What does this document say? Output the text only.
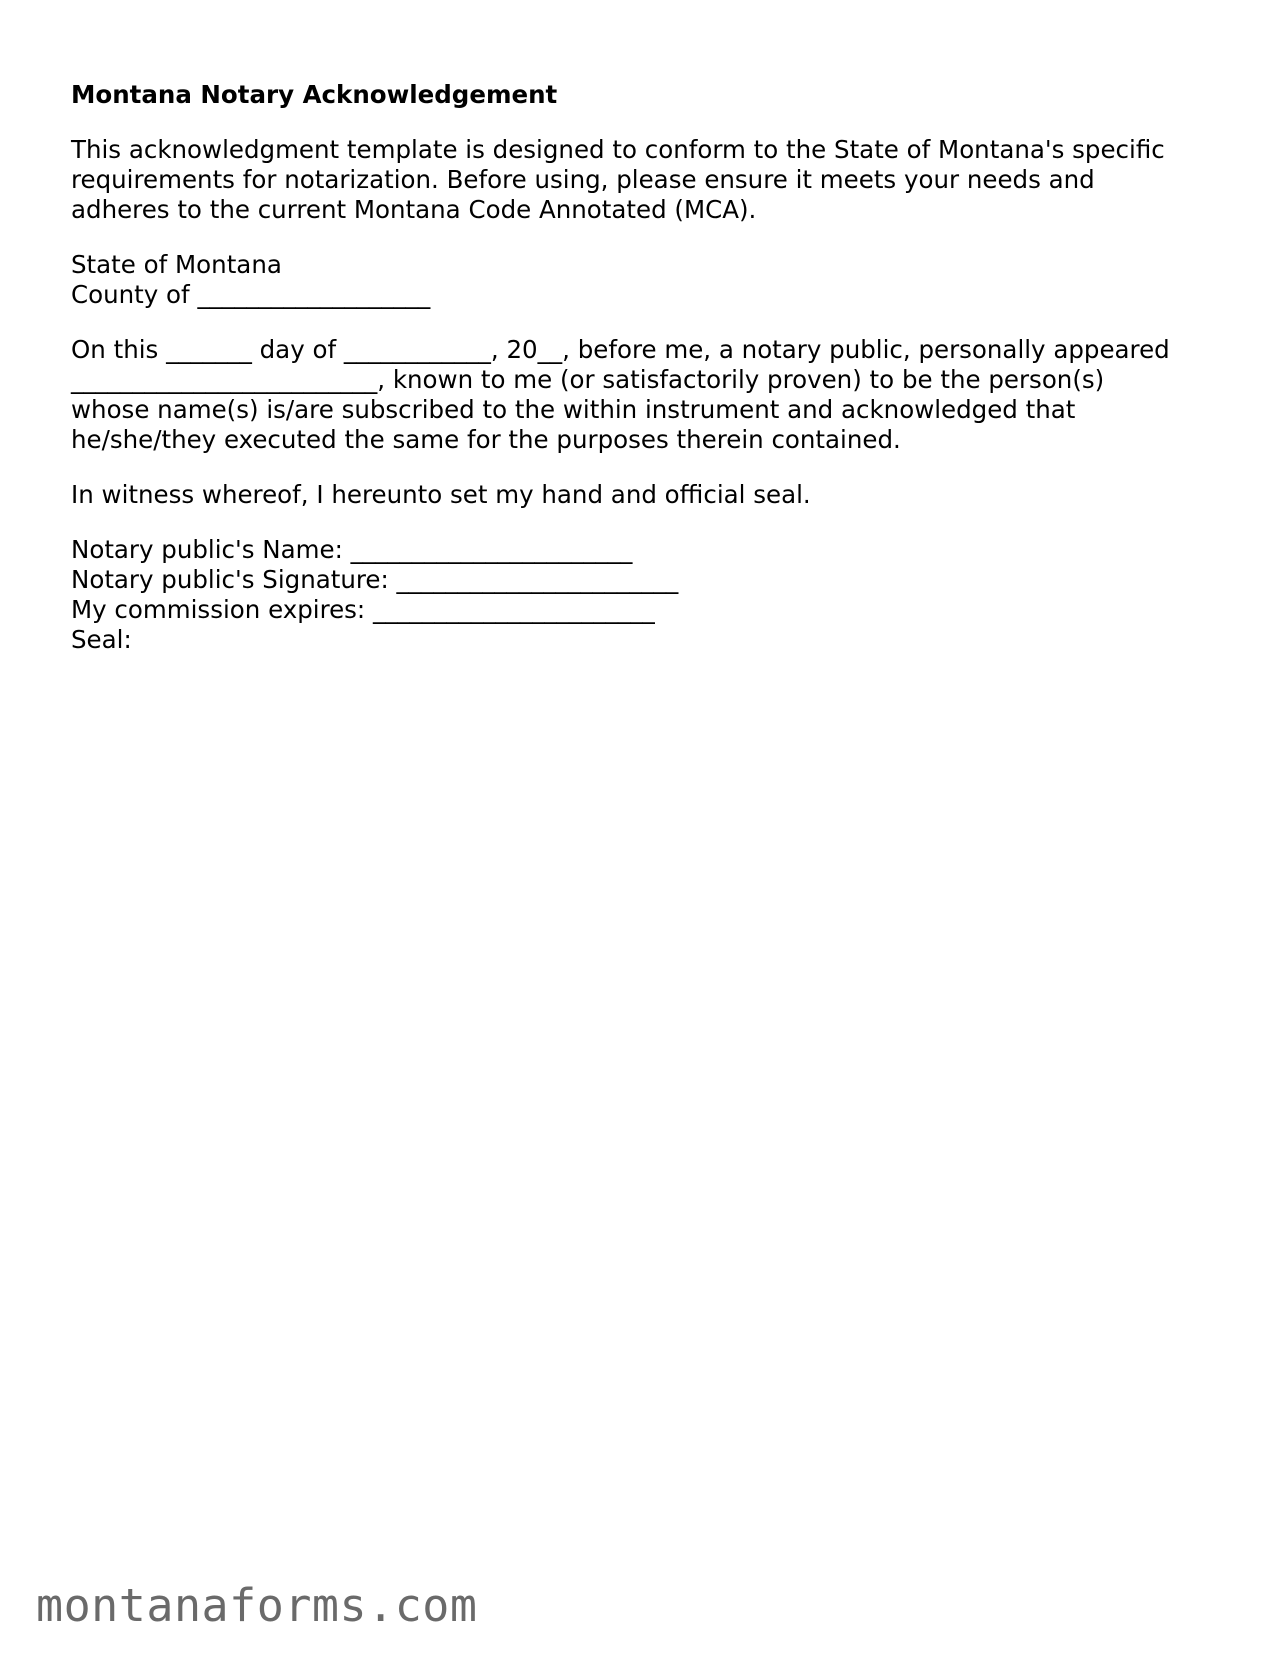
Montana Notary Acknowledgement
This acknowledgment template is designed to conform to the State of Montana's specific
requirements for notarization. Before using, please ensure it meets your needs and
adheres to the current Montana Code Annotated (MCA).
State of Montana
County of ___________________
On this _______ day of ____________, 20__, before me, a notary public, personally appeared
_________________________, known to me (or satisfactorily proven) to be the person(s)
whose name(s) is/are subscribed to the within instrument and acknowledged that
he/she/they executed the same for the purposes therein contained.
In witness whereof, I hereunto set my hand and official seal.
Notary public's Name: _______________________
Notary public's Signature: _______________________
My commission expires: _______________________
Seal:
montanaforms.com
